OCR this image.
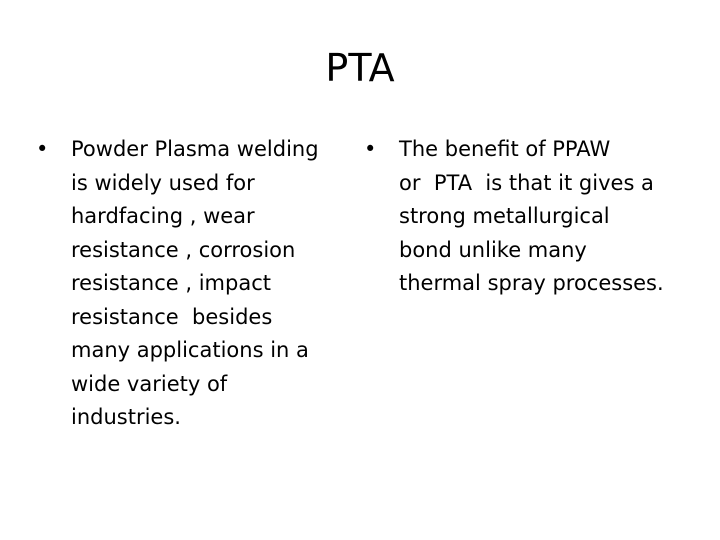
PTA
•	Powder Plasma welding
is widely used for
hardfacing , wear
resistance , corrosion
resistance , impact
resistance  besides
many applications in a
wide variety of
industries.
•	The benefit of PPAW
or  PTA  is that it gives a
strong metallurgical
bond unlike many
thermal spray processes.
